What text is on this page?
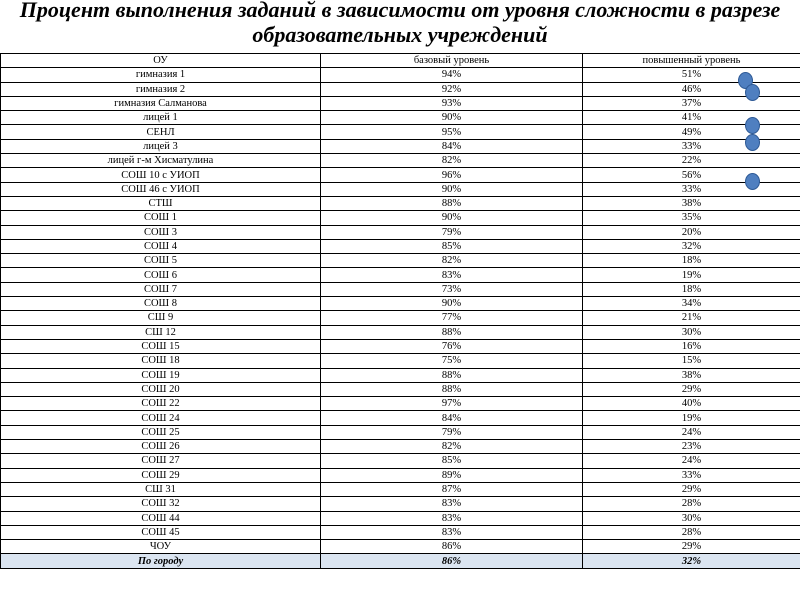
Процент выполнения заданий в зависимости от уровня сложности в разрезе образовательных учреждений
ОУ	базовый уровень	повышенный уровень
гимназия 1	94%	51%
гимназия 2	92%	46%
гимназия Салманова	93%	37%
лицей 1	90%	41%
СЕНЛ	95%	49%
лицей 3	84%	33%
лицей г-м Хисматулина	82%	22%
СОШ 10 с УИОП	96%	56%
СОШ 46 с УИОП	90%	33%
СТШ	88%	38%
СОШ 1	90%	35%
СОШ 3	79%	20%
СОШ 4	85%	32%
СОШ 5	82%	18%
СОШ 6	83%	19%
СОШ 7	73%	18%
СОШ 8	90%	34%
СШ 9	77%	21%
СШ 12	88%	30%
СОШ 15	76%	16%
СОШ 18	75%	15%
СОШ 19	88%	38%
СОШ 20	88%	29%
СОШ 22	97%	40%
СОШ 24	84%	19%
СОШ 25	79%	24%
СОШ 26	82%	23%
СОШ 27	85%	24%
СОШ 29	89%	33%
СШ 31	87%	29%
СОШ 32	83%	28%
СОШ 44	83%	30%
СОШ 45	83%	28%
ЧОУ	86%	29%
По городу	86%	32%
